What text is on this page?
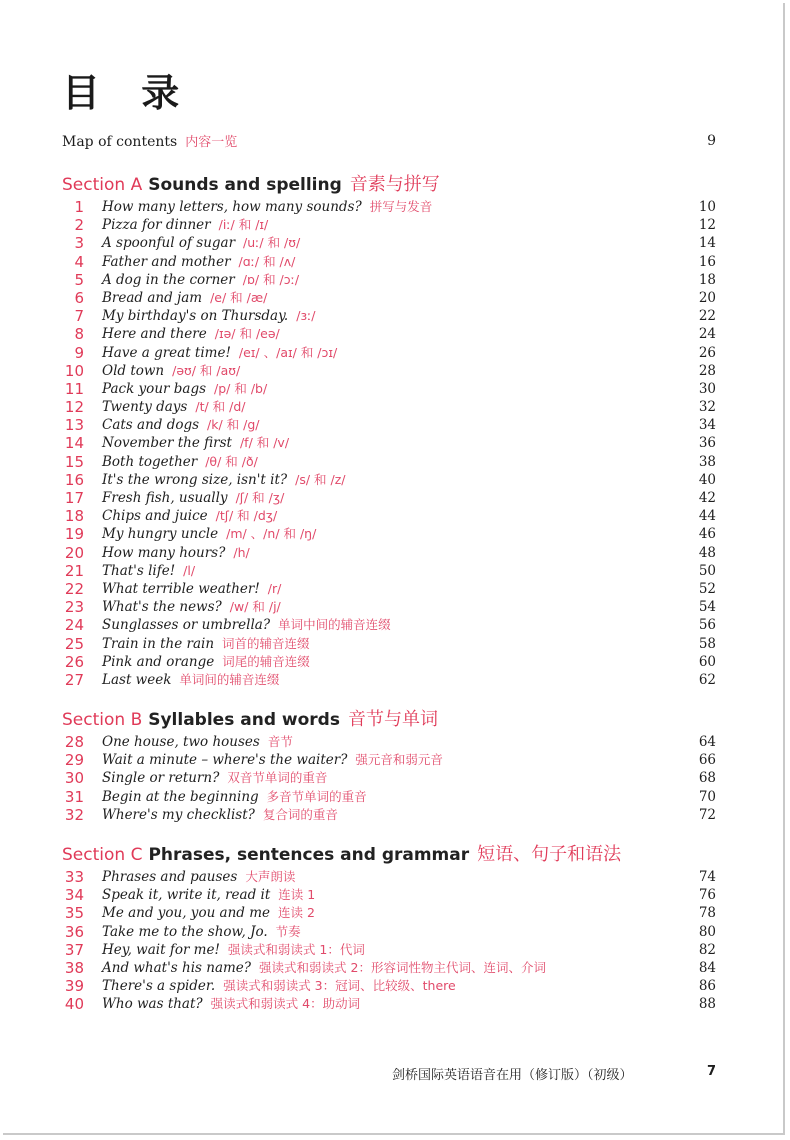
目 录
Map of contents 内容一览	9
Section A Sounds and spelling 音素与拼写
1 How many letters, how many sounds? 拼写与发音	10
2 Pizza for dinner /iː/ 和 /ɪ/	12
3 A spoonful of sugar /uː/ 和 /ʊ/	14
4 Father and mother /ɑː/ 和 /ʌ/	16
5 A dog in the corner /ɒ/ 和 /ɔː/	18
6 Bread and jam /e/ 和 /æ/	20
7 My birthday's on Thursday. /ɜː/	22
8 Here and there /ɪə/ 和 /eə/	24
9 Have a great time! /eɪ/ 、/aɪ/ 和 /ɔɪ/	26
10 Old town /əʊ/ 和 /aʊ/	28
11 Pack your bags /p/ 和 /b/	30
12 Twenty days /t/ 和 /d/	32
13 Cats and dogs /k/ 和 /g/	34
14 November the first /f/ 和 /v/	36
15 Both together /θ/ 和 /ð/	38
16 It's the wrong size, isn't it? /s/ 和 /z/	40
17 Fresh fish, usually /ʃ/ 和 /ʒ/	42
18 Chips and juice /tʃ/ 和 /dʒ/	44
19 My hungry uncle /m/ 、/n/ 和 /ŋ/	46
20 How many hours? /h/	48
21 That's life! /l/	50
22 What terrible weather! /r/	52
23 What's the news? /w/ 和 /j/	54
24 Sunglasses or umbrella? 单词中间的辅音连缀	56
25 Train in the rain 词首的辅音连缀	58
26 Pink and orange 词尾的辅音连缀	60
27 Last week 单词间的辅音连缀	62
Section B Syllables and words 音节与单词
28 One house, two houses 音节	64
29 Wait a minute – where's the waiter? 强元音和弱元音	66
30 Single or return? 双音节单词的重音	68
31 Begin at the beginning 多音节单词的重音	70
32 Where's my checklist? 复合词的重音	72
Section C Phrases, sentences and grammar 短语、句子和语法
33 Phrases and pauses 大声朗读	74
34 Speak it, write it, read it 连读 1	76
35 Me and you, you and me 连读 2	78
36 Take me to the show, Jo. 节奏	80
37 Hey, wait for me! 强读式和弱读式 1：代词	82
38 And what's his name? 强读式和弱读式 2：形容词性物主代词、连词、介词	84
39 There's a spider. 强读式和弱读式 3：冠词、比较级、there	86
40 Who was that? 强读式和弱读式 4：助动词	88
剑桥国际英语语音在用（修订版）（初级）	7
